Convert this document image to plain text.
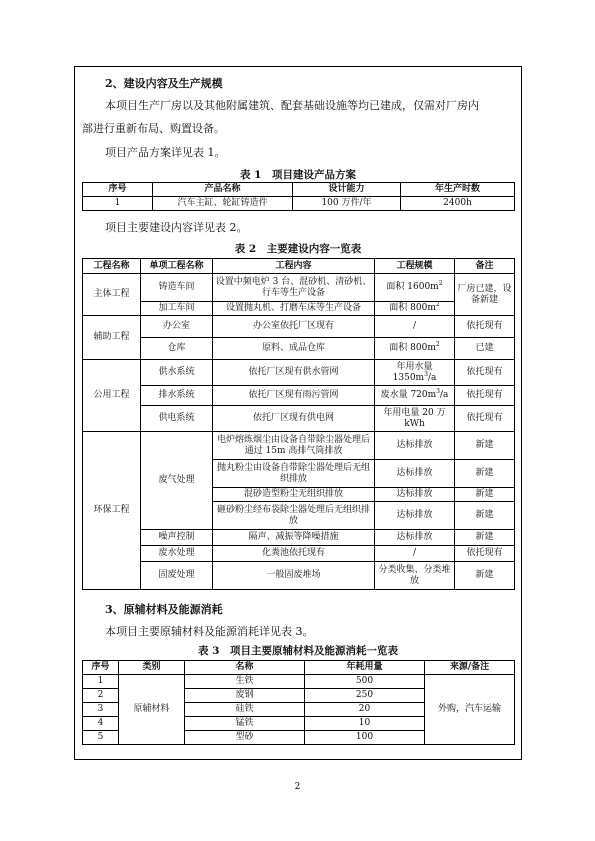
2、建设内容及生产规模
本项目生产厂房以及其他附属建筑、配套基础设施等均已建成，仅需对厂房内
部进行重新布局、购置设备。
项目产品方案详见表 1。
表 1　项目建设产品方案
序号	产品名称	设计能力	年生产时数
1	汽车主缸、轮缸铸造件	100 万件/年	2400h
项目主要建设内容详见表 2。
表 2　主要建设内容一览表
工程名称	单项工程名称	工程内容	工程规模	备注
主体工程	铸造车间	设置中频电炉 3 台、混砂机、清砂机、行车等生产设备	面积 $1600m^2$	厂房已建，设备新建
	加工车间	设置抛丸机、打磨车床等生产设备	面积 $800m^2$
辅助工程	办公室	办公室依托厂区现有	/	依托现有
	仓库	原料、成品仓库	面积 $800m^2$	已建
公用工程	供水系统	依托厂区现有供水管网	年用水量 $1350m^3/a$	依托现有
	排水系统	依托厂区现有雨污管网	废水量 $720m^3/a$	依托现有
	供电系统	依托厂区现有供电网	年用电量 20 万 kWh	依托现有
环保工程	废气处理	电炉熔炼烟尘由设备自带除尘器处理后通过 15m 高排气筒排放	达标排放	新建
		抛丸粉尘由设备自带除尘器处理后无组织排放	达标排放	新建
		混砂造型粉尘无组织排放	达标排放	新建
		砸砂粉尘经布袋除尘器处理后无组织排放	达标排放	新建
	噪声控制	隔声、减振等降噪措施	达标排放	新建
	废水处理	化粪池依托现有	/	依托现有
	固废处理	一般固废堆场	分类收集、分类堆放	新建
3、原辅材料及能源消耗
本项目主要原辅材料及能源消耗详见表 3。
表 3　项目主要原辅材料及能源消耗一览表
序号	类别	名称	年耗用量	来源/备注
1	原辅材料	生铁	500	外购，汽车运输
2		废钢	250	
3		硅铁	20	
4		锰铁	10	
5		型砂	100	
2
